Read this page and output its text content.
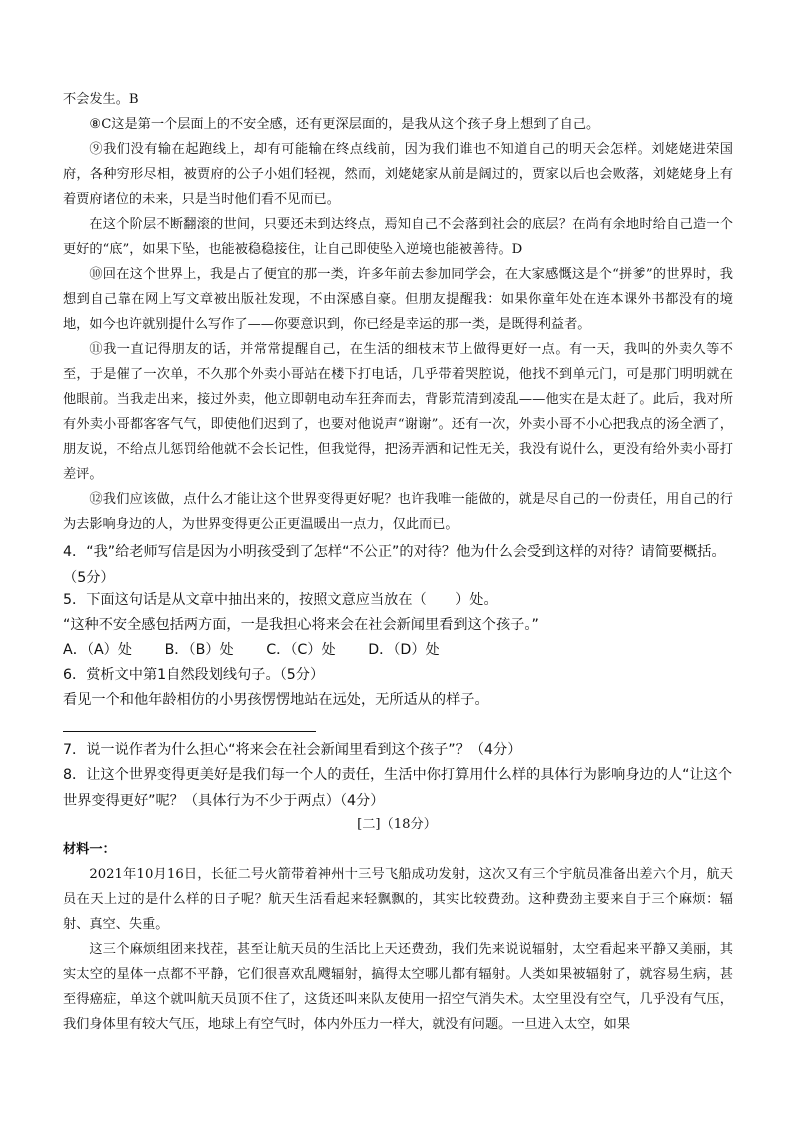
不会发生。B
⑧C这是第一个层面上的不安全感，还有更深层面的，是我从这个孩子身上想到了自己。
⑨我们没有输在起跑线上，却有可能输在终点线前，因为我们谁也不知道自己的明天会怎样。刘姥姥进荣国府，各种穷形尽相，被贾府的公子小姐们轻视，然而，刘姥姥家从前是阔过的，贾家以后也会败落，刘姥姥身上有着贾府诸位的未来，只是当时他们看不见而已。
在这个阶层不断翻滚的世间，只要还未到达终点，焉知自己不会落到社会的底层？在尚有余地时给自己造一个更好的“底”，如果下坠，也能被稳稳接住，让自己即使坠入逆境也能被善待。D
⑩回在这个世界上，我是占了便宜的那一类，许多年前去参加同学会，在大家感慨这是个“拼爹”的世界时，我想到自己靠在网上写文章被出版社发现，不由深感自豪。但朋友提醒我：如果你童年处在连本课外书都没有的境地，如今也许就别提什么写作了——你要意识到，你已经是幸运的那一类，是既得利益者。
⑪我一直记得朋友的话，并常常提醒自己，在生活的细枝末节上做得更好一点。有一天，我叫的外卖久等不至，于是催了一次单，不久那个外卖小哥站在楼下打电话，几乎带着哭腔说，他找不到单元门，可是那门明明就在他眼前。当我走出来，接过外卖，他立即朝电动车狂奔而去，背影荒清到凌乱——他实在是太赶了。此后，我对所有外卖小哥都客客气气，即使他们迟到了，也要对他说声“谢谢”。还有一次，外卖小哥不小心把我点的汤全洒了，朋友说，不给点儿惩罚给他就不会长记性，但我觉得，把汤弄洒和记性无关，我没有说什么，更没有给外卖小哥打差评。
⑫我们应该做，点什么才能让这个世界变得更好呢？也许我唯一能做的，就是尽自己的一份责任，用自己的行为去影响身边的人，为世界变得更公正更温暖出一点力，仅此而已。
4．“我”给老师写信是因为小明孩受到了怎样“不公正”的对待？他为什么会受到这样的对待？请简要概括。（5分）
5．下面这句话是从文章中抽出来的，按照文意应当放在（　　）处。
“这种不安全感包括两方面，一是我担心将来会在社会新闻里看到这个孩子。”
A．（A）处 B．（B）处 C．（C）处 D．（D）处
6．赏析文中第1自然段划线句子。（5分）
看见一个和他年龄相仿的小男孩愣愣地站在远处，无所适从的样子。
7．说一说作者为什么担心“将来会在社会新闻里看到这个孩子”？（4分）
8．让这个世界变得更美好是我们每一个人的责任，生活中你打算用什么样的具体行为影响身边的人“让这个世界变得更好”呢？（具体行为不少于两点）（4分）
[二]（18分）
材料一：
2021年10月16日，长征二号火箭带着神州十三号飞船成功发射，这次又有三个宇航员准备出差六个月，航天员在天上过的是什么样的日子呢？航天生活看起来轻飘飘的，其实比较费劲。这种费劲主要来自于三个麻烦：辐射、真空、失重。
这三个麻烦组团来找茬，甚至让航天员的生活比上天还费劲，我们先来说说辐射，太空看起来平静又美丽，其实太空的星体一点都不平静，它们很喜欢乱飕辐射，搞得太空哪儿都有辐射。人类如果被辐射了，就容易生病，甚至得癌症，单这个就叫航天员顶不住了，这货还叫来队友使用一招空气消失术。太空里没有空气，几乎没有气压，我们身体里有较大气压，地球上有空气时，体内外压力一样大，就没有问题。一旦进入太空，如果
